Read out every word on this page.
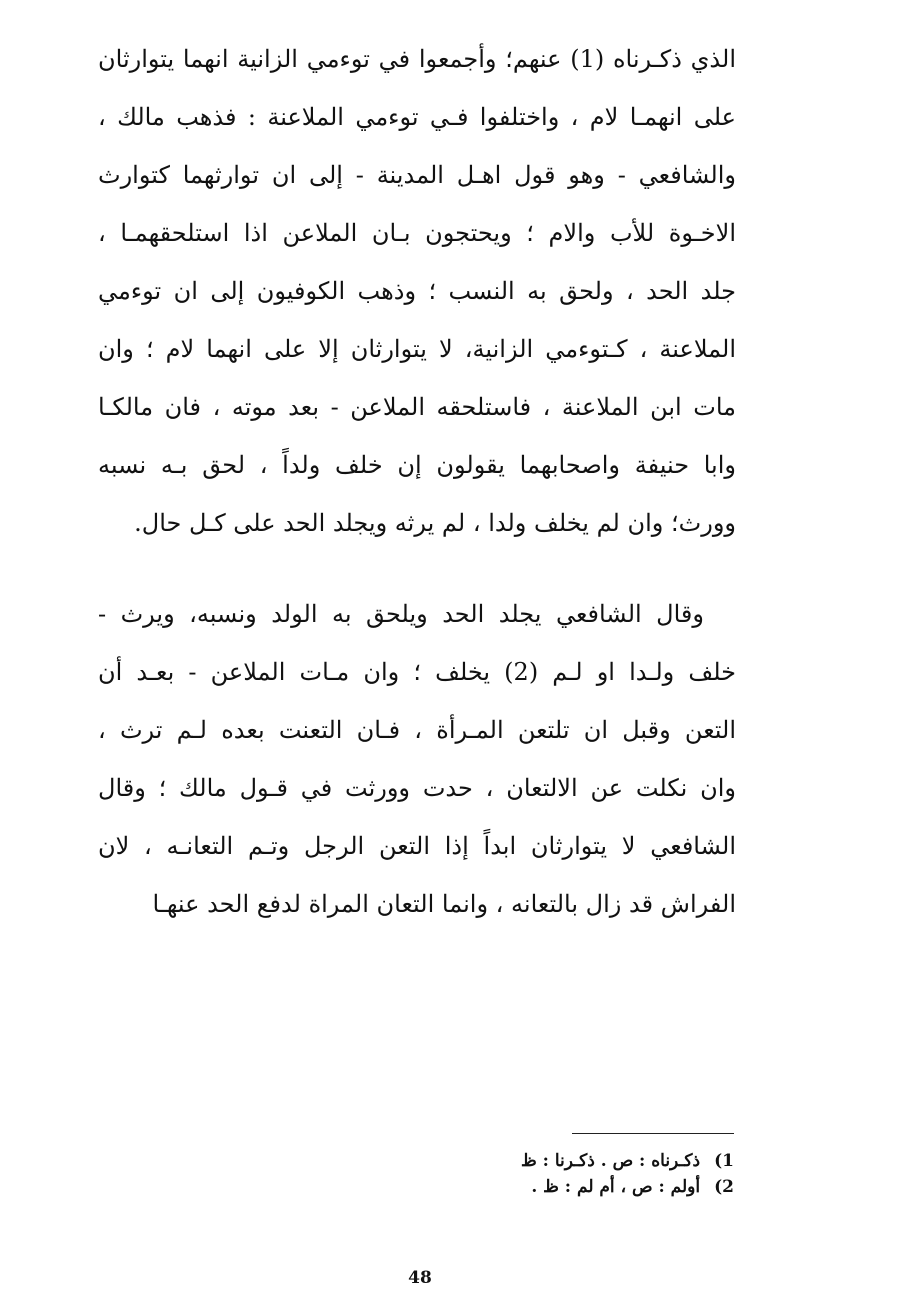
الذي ذكـرناه (1) عنهم؛ وأجمعوا في توءمي الزانية انهما يتوارثان
على انهمـا لام ، واختلفوا فـي توءمي الملاعنة : فذهب مالك ،
والشافعي - وهو قول اهـل المدينة - إلى ان توارثهما كتوارث
الاخـوة للأب والام ؛ ويحتجون بـان الملاعن اذا استلحقهمـا ،
جلد الحد ، ولحق به النسب ؛ وذهب الكوفيون إلى ان توءمي
الملاعنة ، كـتوءمي الزانية، لا يتوارثان إلا على انهما لام ؛ وان
مات ابن الملاعنة ، فاستلحقه الملاعن - بعد موته ، فان مالكـا
وابا حنيفة واصحابهما يقولون إن خلف ولداً ، لحق بـه نسبه
وورث؛ وان لم يخلف ولدا ، لم يرثه ويجلد الحد على كـل حال.
وقال الشافعي يجلد الحد ويلحق به الولد ونسبه، ويرث -
خلف ولـدا او لـم (2) يخلف ؛ وان مـات الملاعن - بعـد أن
التعن وقبل ان تلتعن المـرأة ، فـان التعنت بعده لـم ترث ،
وان نكلت عن الالتعان ، حدت وورثت في قـول مالك ؛ وقال
الشافعي لا يتوارثان ابداً إذا التعن الرجل وتـم التعانـه ، لان
الفراش قد زال بالتعانه ، وانما التعان المراة لدفع الحد عنهـا
1) ذكـرناه : ص . ذكـرنا : ظ
2) أولم : ص ، أم لم : ظ .
48
